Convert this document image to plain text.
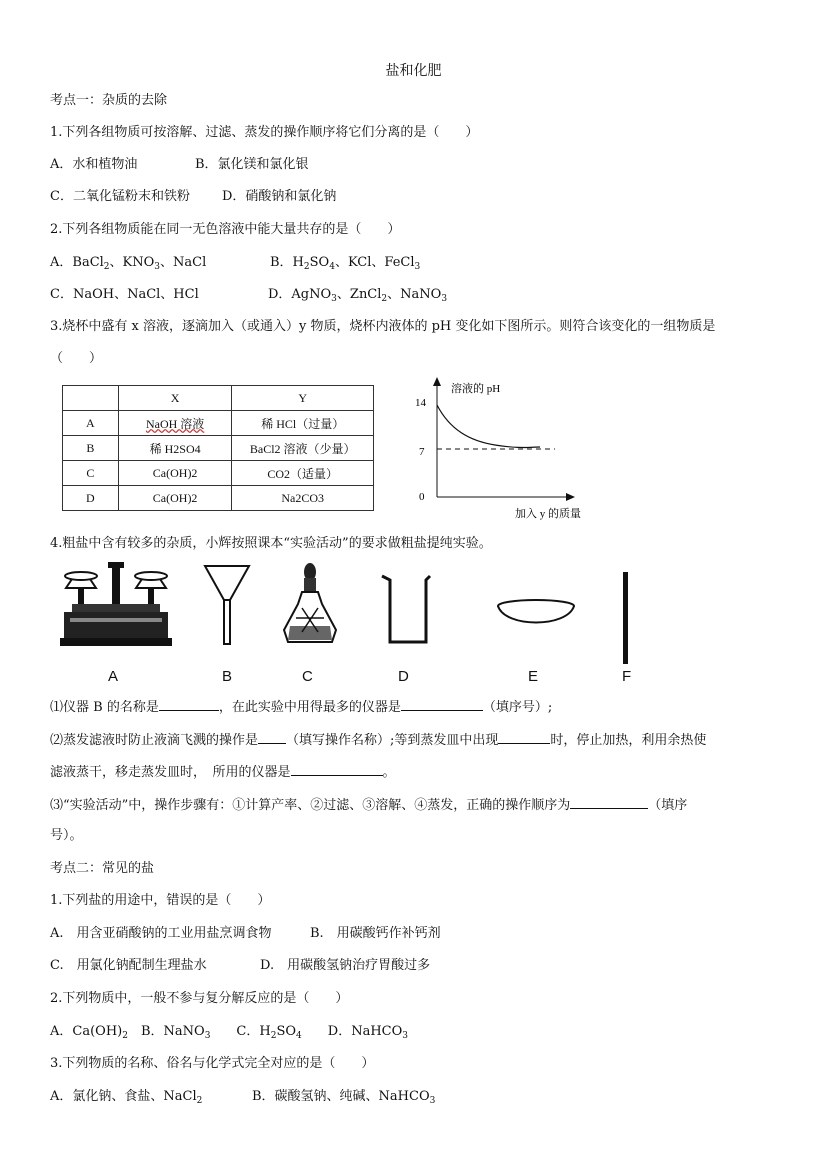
盐和化肥
考点一：杂质的去除
1.下列各组物质可按溶解、过滤、蒸发的操作顺序将它们分离的是（　　）
A．水和植物油	B．氯化镁和氯化银
C．二氧化锰粉末和铁粉 D．硝酸钠和氯化钠
2.下列各组物质能在同一无色溶液中能大量共存的是（　　）
A．BaCl$_2$、$KNO_3$、NaCl	B．$H_2SO_4$、KCl、FeCl$_3$
C．NaOH、NaCl、HCl	D．AgNO$_3$、ZnCl$_2$、NaNO$_3$
3.烧杯中盛有 x 溶液，逐滴加入（或通入）y 物质，烧杯内液体的 pH 变化如下图所示。则符合该变化的一组物质是
（　　）
	X	Y
A	NaOH 溶液	稀 HCl（过量）
B	稀 H2SO4	BaCl2 溶液（少量）
C	Ca(OH)2	CO2（适量）
D	Ca(OH)2	Na2CO3
溶液的 pH
14
7
0
加入 y 的质量
4.粗盐中含有较多的杂质，小辉按照课本“实验活动”的要求做粗盐提纯实验。
A	B	C	D	E	F
⑴仪器 B 的名称是	，在此实验中用得最多的仪器是	（填序号）;
⑵蒸发滤液时防止液滴飞溅的操作是 （填写操作名称）;等到蒸发皿中出现	时，停止加热，利用余热使
滤液蒸干，移走蒸发皿时，　所用的仪器是	。
⑶“实验活动”中，操作步骤有：①计算产率、②过滤、③溶解、④蒸发，正确的操作顺序为	（填序
号）。
考点二：常见的盐
1.下列盐的用途中，错误的是（　　）
A.　用含亚硝酸钠的工业用盐烹调食物	B.　用碳酸钙作补钙剂
C.　用氯化钠配制生理盐水	D.　用碳酸氢钠治疗胃酸过多
2.下列物质中，一般不参与复分解反应的是（　　）
A．$Ca(OH)_2$　B．NaNO$_3$　　C．$H_2SO_4$　　D．NaHCO$_3$
3.下列物质的名称、俗名与化学式完全对应的是（　　）
A．氯化钠、食盐、NaCl$_2$	B．碳酸氢钠、纯碱、NaHCO$_3$
